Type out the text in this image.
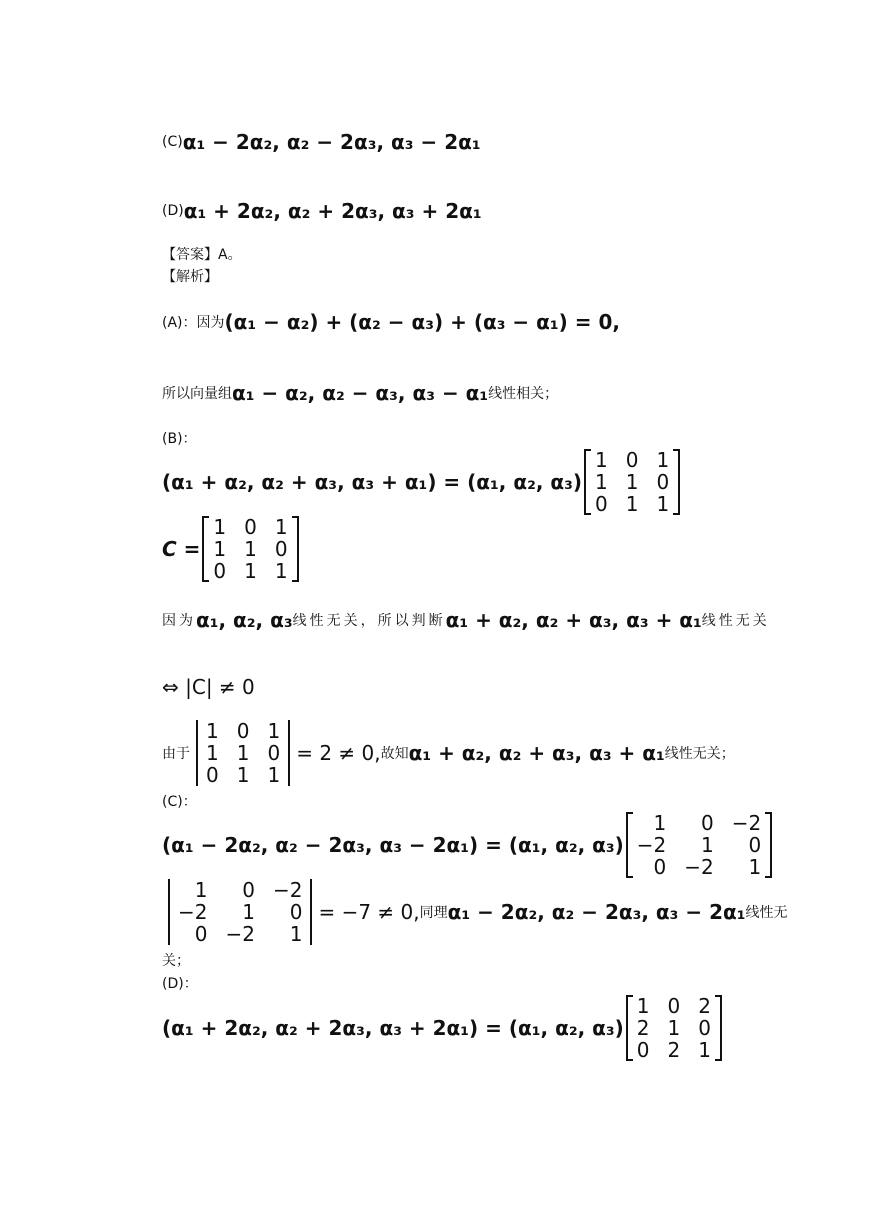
(C) α₁ − 2α₂, α₂ − 2α₃, α₃ − 2α₁
(D) α₁ + 2α₂, α₂ + 2α₃, α₃ + 2α₁
【答案】A。
【解析】
(A)：因为 (α₁ − α₂) + (α₂ − α₃) + (α₃ − α₁) = 0,
所以向量组 α₁ − α₂, α₂ − α₃, α₃ − α₁ 线性相关；
(B)：
(α₁ + α₂, α₂ + α₃, α₃ + α₁) = (α₁, α₂, α₃)
1 0 1
1 1 0
0 1 1
C =
1 0 1
1 1 0
0 1 1
因为 α₁, α₂, α₃ 线性无关，所以判断 α₁ + α₂, α₂ + α₃, α₃ + α₁ 线性无关
⇔ |C| ≠ 0
由于
1 0 1
1 1 0
0 1 1
= 2 ≠ 0, 故知 α₁ + α₂, α₂ + α₃, α₃ + α₁ 线性无关；
(C)：
(α₁ − 2α₂, α₂ − 2α₃, α₃ − 2α₁) = (α₁, α₂, α₃)
1	0 −2
−2	1	0
0 −2	1
1	0 −2
−2	1	0
0 −2	1
= −7 ≠ 0, 同理 α₁ − 2α₂, α₂ − 2α₃, α₃ − 2α₁ 线性无
关；
(D)：
(α₁ + 2α₂, α₂ + 2α₃, α₃ + 2α₁) = (α₁, α₂, α₃)
1 0 2
2 1 0
0 2 1
